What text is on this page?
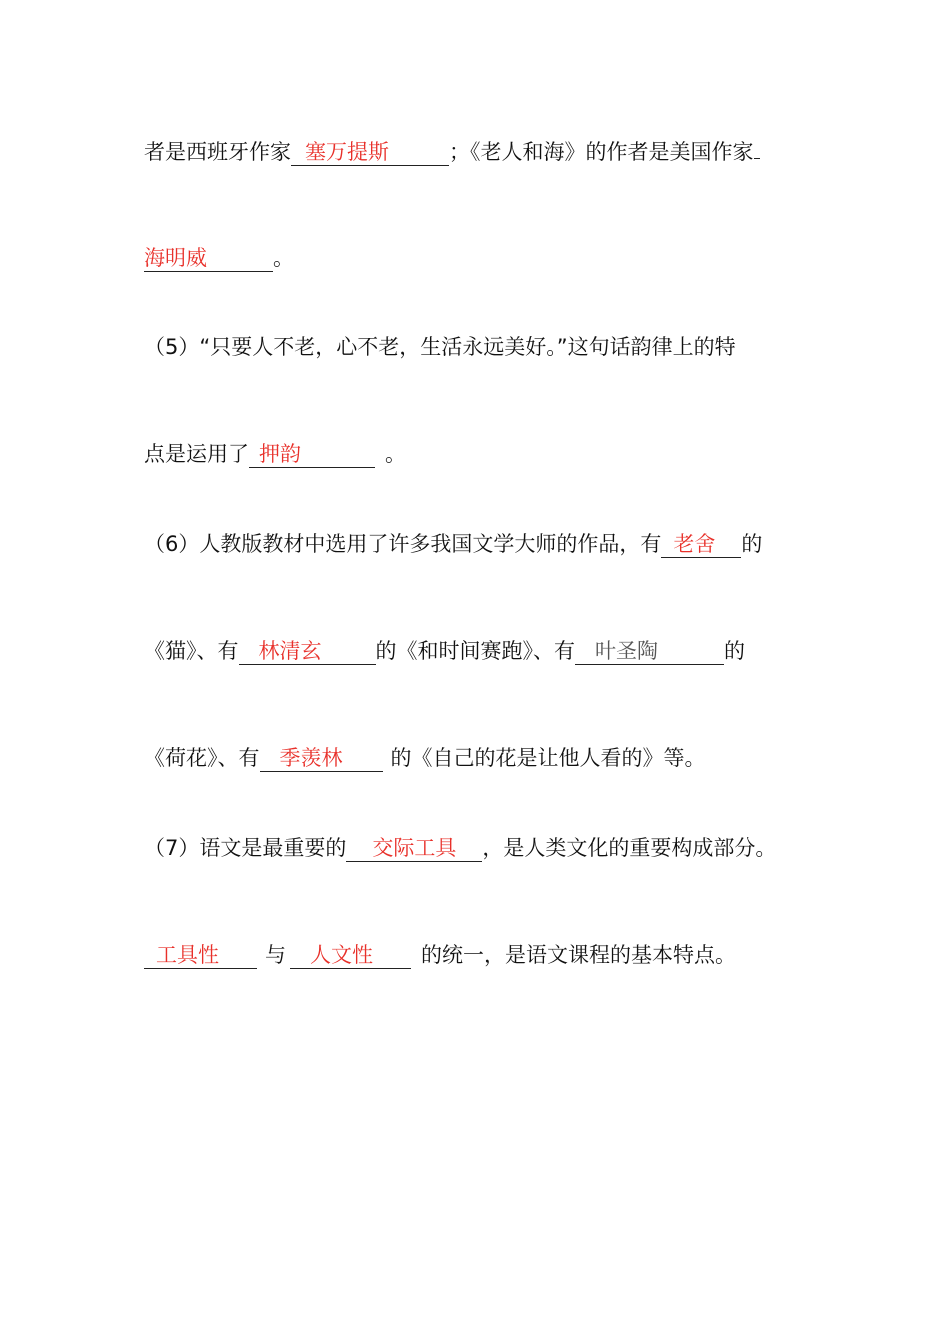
者是西班牙作家 塞万提斯	；《老人和海》的作者是美国作家
海明威	。
（5）“只要人不老，心不老，生活永远美好。”这句话韵律上的特
点是运用了 押韵	。
（6）人教版教材中选用了许多我国文学大师的作品，有 老舍 的
《猫》、有 林清玄	的《和时间赛跑》、有 叶圣陶	的
《荷花》、有 季羡林 的《自己的花是让他人看的》等。
（7）语文是最重要的 交际工具 ，是人类文化的重要构成部分。
工具性 与 人文性 的统一，是语文课程的基本特点。
